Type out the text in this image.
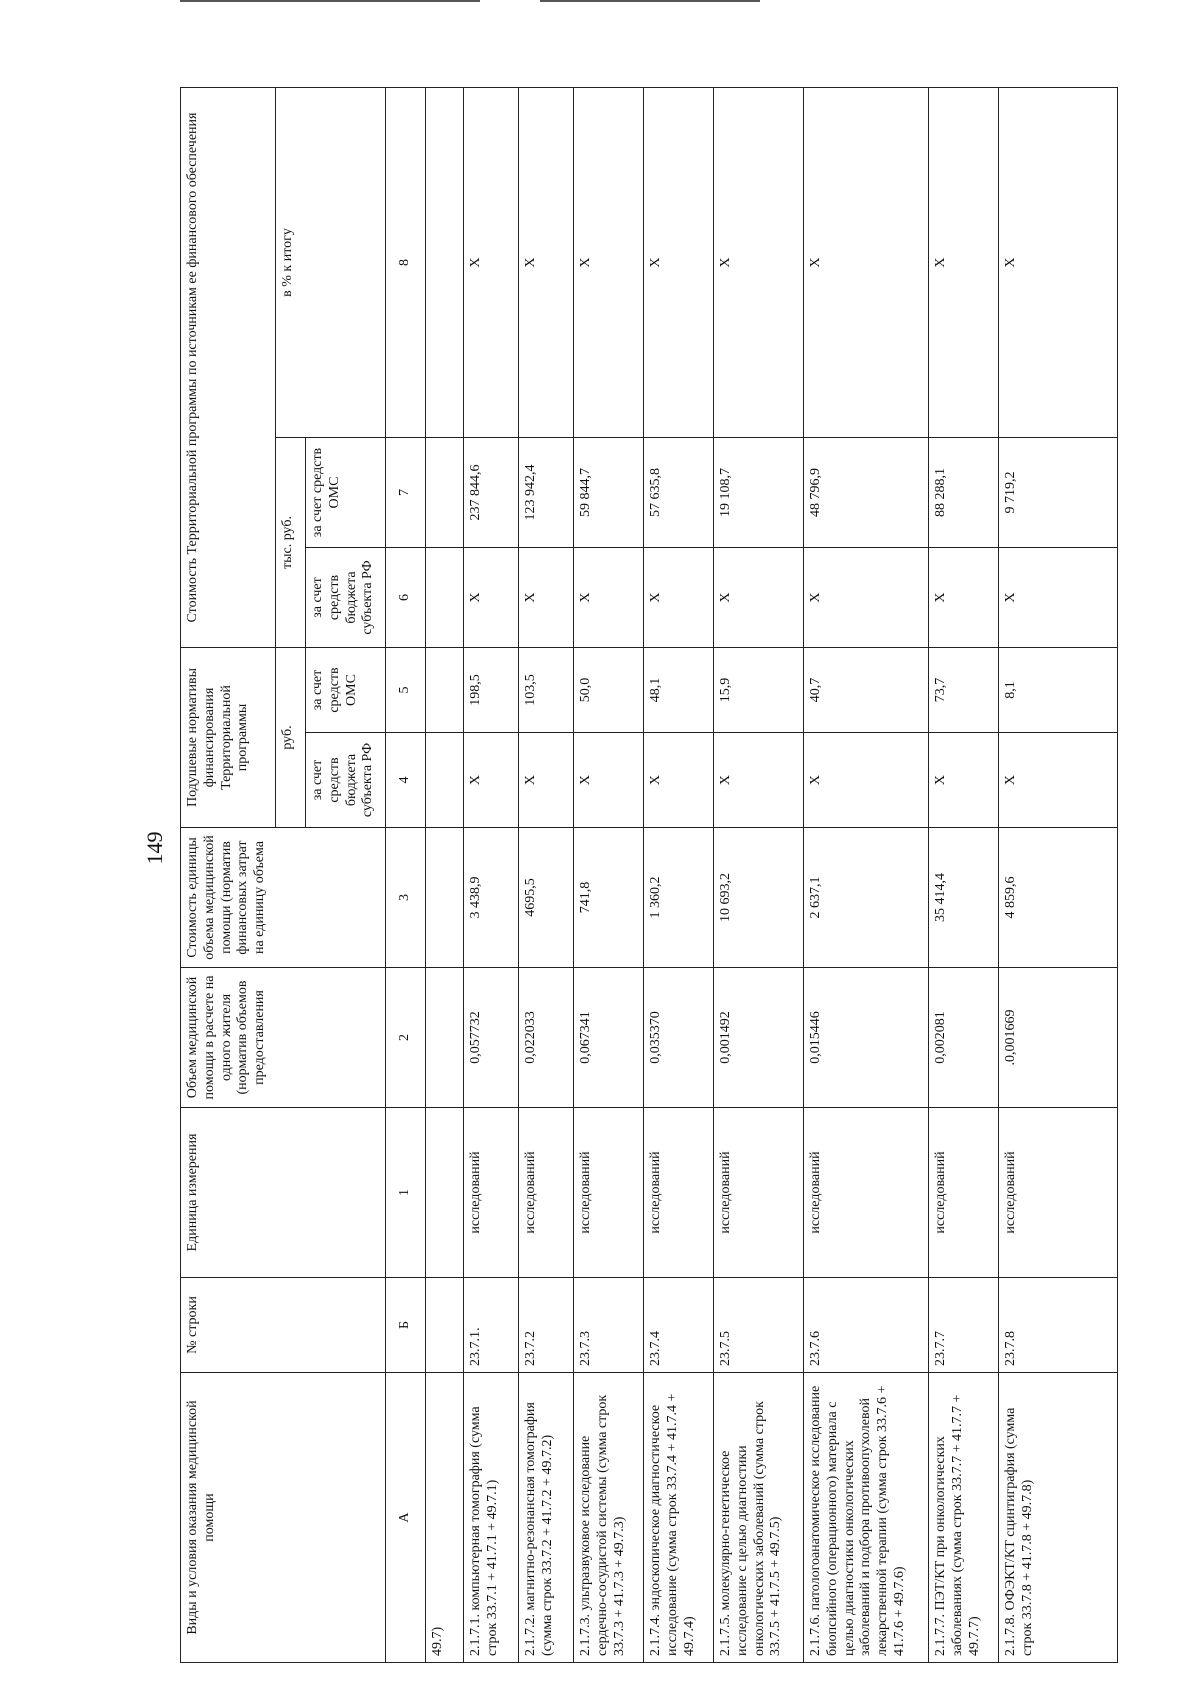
149
Виды и условия оказания медицинской помощи	№ строки	Единица измерения	Объем медицинской помощи в расчете на одного жителя (норматив объемов предоставления	Стоимость единицы объема медицинской помощи (норматив финансовых затрат на единицу объема	Подушевые нормативы финансирования Территориальной программы		Стоимость Территориальной программы по источникам ее финансового обеспечения		
					руб.		тыс. руб.		в % к итогу
					за счет средств бюджета субъекта РФ	за счет средств ОМС	за счет средств бюджета субъекта РФ	за счет средств ОМС	
А	Б	1	2	3	4	5	6	7	8
49.7)									
2.1.7.1. компьютерная томография (сумма строк 33.7.1 + 41.7.1 + 49.7.1)	23.7.1.	исследований	0,057732	3 438,9	Х	198,5	Х	237 844,6	Х
2.1.7.2. магнитно-резонансная томография (сумма строк 33.7.2 + 41.7.2 + 49.7.2)	23.7.2	исследований	0,022033	4695,5	Х	103,5	Х	123 942,4	Х
2.1.7.3. ультразвуковое исследование сердечно-сосудистой системы (сумма строк 33.7.3 + 41.7.3 + 49.7.3)	23.7.3	исследований	0,067341	741,8	Х	50,0	Х	59 844,7	Х
2.1.7.4. эндоскопическое диагностическое исследование (сумма строк 33.7.4 + 41.7.4 + 49.7.4)	23.7.4	исследований	0,035370	1 360,2	Х	48,1	Х	57 635,8	Х
2.1.7.5. молекулярно-генетическое исследование с целью диагностики онкологических заболеваний (сумма строк 33.7.5 + 41.7.5 + 49.7.5)	23.7.5	исследований	0,001492	10 693,2	Х	15,9	Х	19 108,7	Х
2.1.7.6. патологоанатомическое исследование биопсийного (операционного) материала с целью диагностики онкологических заболеваний и подбора противоопухолевой лекарственной терапии (сумма строк 33.7.6 + 41.7.6 + 49.7.6)	23.7.6	исследований	0,015446	2 637,1	Х	40,7	Х	48 796,9	Х
2.1.7.7. ПЭТ/КТ при онкологических заболеваниях (сумма строк 33.7.7 + 41.7.7 + 49.7.7)	23.7.7	исследований	0,002081	35 414,4	Х	73,7	Х	88 288,1	Х
2.1.7.8. ОФЭКТ/КТ сцинтиграфия (сумма строк 33.7.8 + 41.7.8 + 49.7.8)	23.7.8	исследований	.0,001669	4 859,6	Х	8,1	Х	9 719,2	Х
